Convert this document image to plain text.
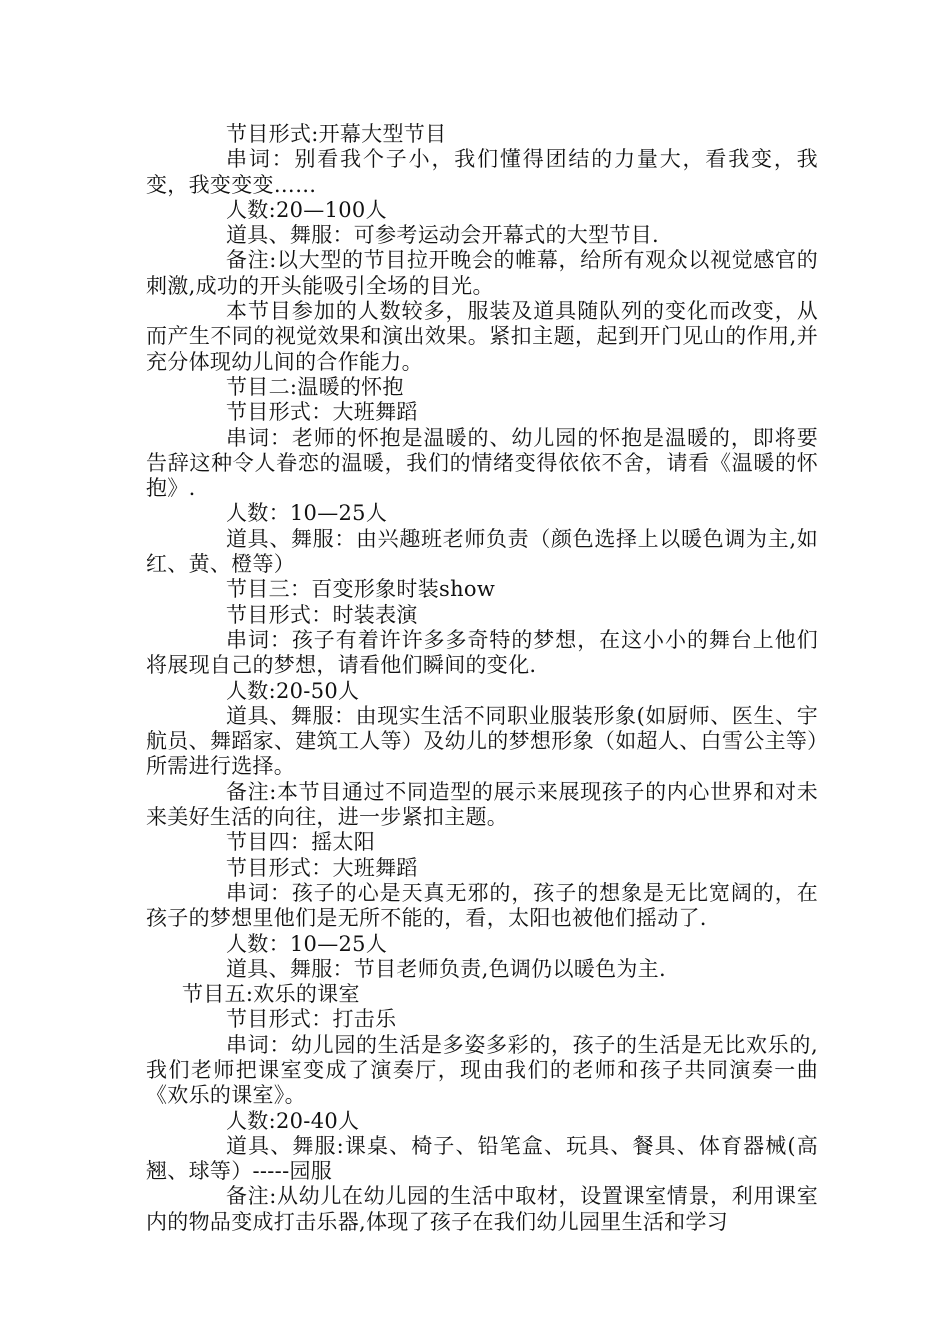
节目形式:开幕大型节目

串词：别看我个子小，我们懂得团结的力量大，看我变，我变，我变变变……

人数:20—100人

道具、舞服：可参考运动会开幕式的大型节目.

备注:以大型的节目拉开晚会的帷幕，给所有观众以视觉感官的刺激,成功的开头能吸引全场的目光。

本节目参加的人数较多，服装及道具随队列的变化而改变，从而产生不同的视觉效果和演出效果。紧扣主题，起到开门见山的作用,并充分体现幼儿间的合作能力。

节目二:温暖的怀抱

节目形式：大班舞蹈

串词：老师的怀抱是温暖的、幼儿园的怀抱是温暖的，即将要告辞这种令人眷恋的温暖，我们的情绪变得依依不舍，请看《温暖的怀抱》.

人数：10—25人

道具、舞服：由兴趣班老师负责（颜色选择上以暖色调为主,如红、黄、橙等）

节目三：百变形象时装show

节目形式：时装表演

串词：孩子有着许许多多奇特的梦想，在这小小的舞台上他们将展现自己的梦想，请看他们瞬间的变化.

人数:20-50人

道具、舞服：由现实生活不同职业服装形象(如厨师、医生、宇航员、舞蹈家、建筑工人等）及幼儿的梦想形象（如超人、白雪公主等）所需进行选择。

备注:本节目通过不同造型的展示来展现孩子的内心世界和对未来美好生活的向往，进一步紧扣主题。

节目四：摇太阳

节目形式：大班舞蹈

串词：孩子的心是天真无邪的，孩子的想象是无比宽阔的，在孩子的梦想里他们是无所不能的，看，太阳也被他们摇动了.

人数：10—25人

道具、舞服：节目老师负责,色调仍以暖色为主.

节目五:欢乐的课室

节目形式：打击乐

串词：幼儿园的生活是多姿多彩的，孩子的生活是无比欢乐的,我们老师把课室变成了演奏厅，现由我们的老师和孩子共同演奏一曲《欢乐的课室》。

人数:20-40人

道具、舞服:课桌、椅子、铅笔盒、玩具、餐具、体育器械(高翘、球等）-----园服

备注:从幼儿在幼儿园的生活中取材，设置课室情景，利用课室内的物品变成打击乐器,体现了孩子在我们幼儿园里生活和学习
